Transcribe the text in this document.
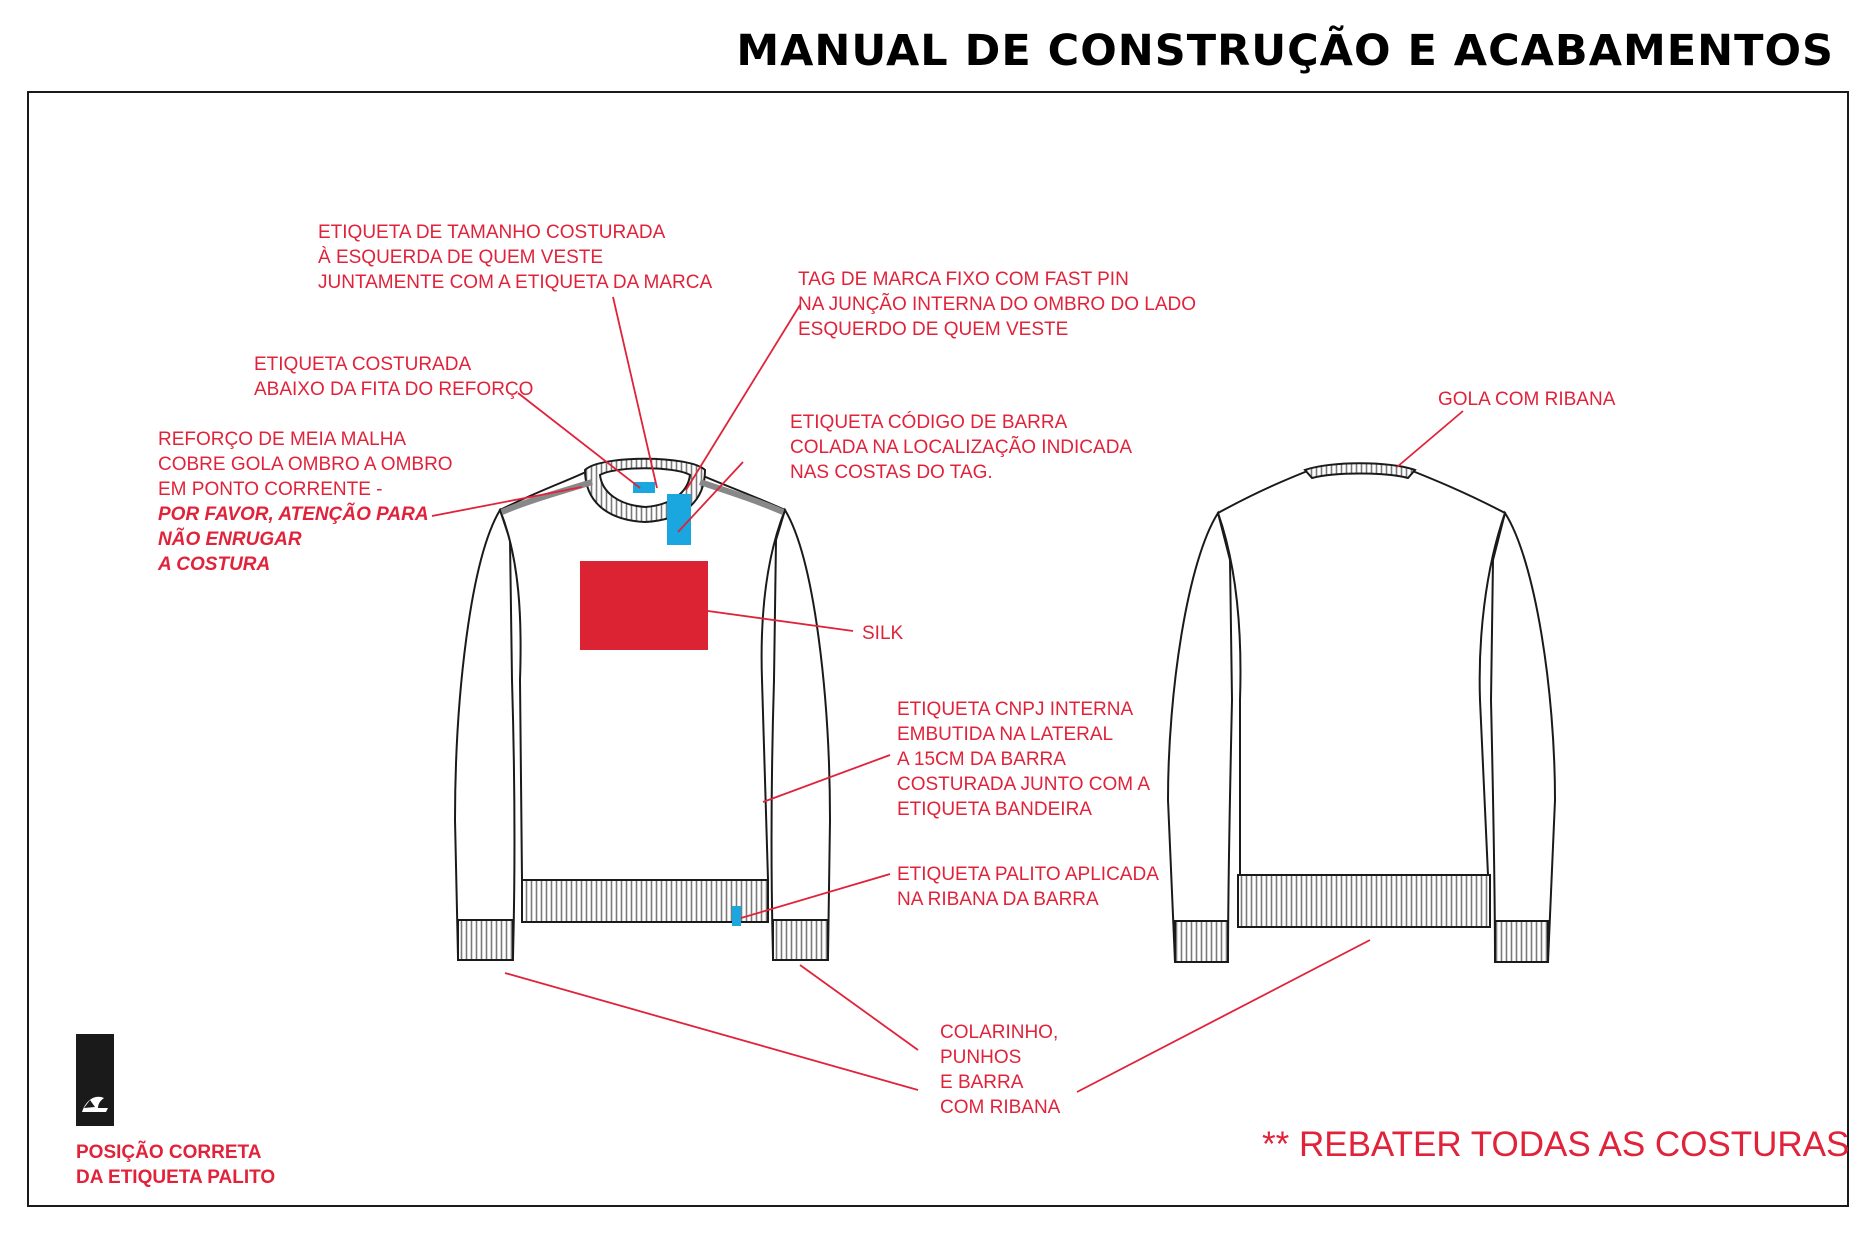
MANUAL DE CONSTRUÇÃO E ACABAMENTOS
ETIQUETA DE TAMANHO COSTURADA
À ESQUERDA DE QUEM VESTE
JUNTAMENTE COM A ETIQUETA DA MARCA	TAG DE MARCA FIXO COM FAST PIN
NA JUNÇÃO INTERNA DO OMBRO DO LADO
ESQUERDO DE QUEM VESTE
ETIQUETA COSTURADA
ABAIXO DA FITA DO REFORÇO
REFORÇO DE MEIA MALHA
COBRE GOLA OMBRO A OMBRO
EM PONTO CORRENTE -
POR FAVOR, ATENÇÃO PARA
NÃO ENRUGAR
A COSTURA
ETIQUETA CÓDIGO DE BARRA
COLADA NA LOCALIZAÇÃO INDICADA
NAS COSTAS DO TAG.
SILK
ETIQUETA CNPJ INTERNA
EMBUTIDA NA LATERAL
A 15CM DA BARRA
COSTURADA JUNTO COM A
ETIQUETA BANDEIRA
ETIQUETA PALITO APLICADA
NA RIBANA DA BARRA
COLARINHO,
PUNHOS
E BARRA
COM RIBANA
GOLA COM RIBANA
** REBATER TODAS AS COSTURAS
POSIÇÃO CORRETA
DA ETIQUETA PALITO
